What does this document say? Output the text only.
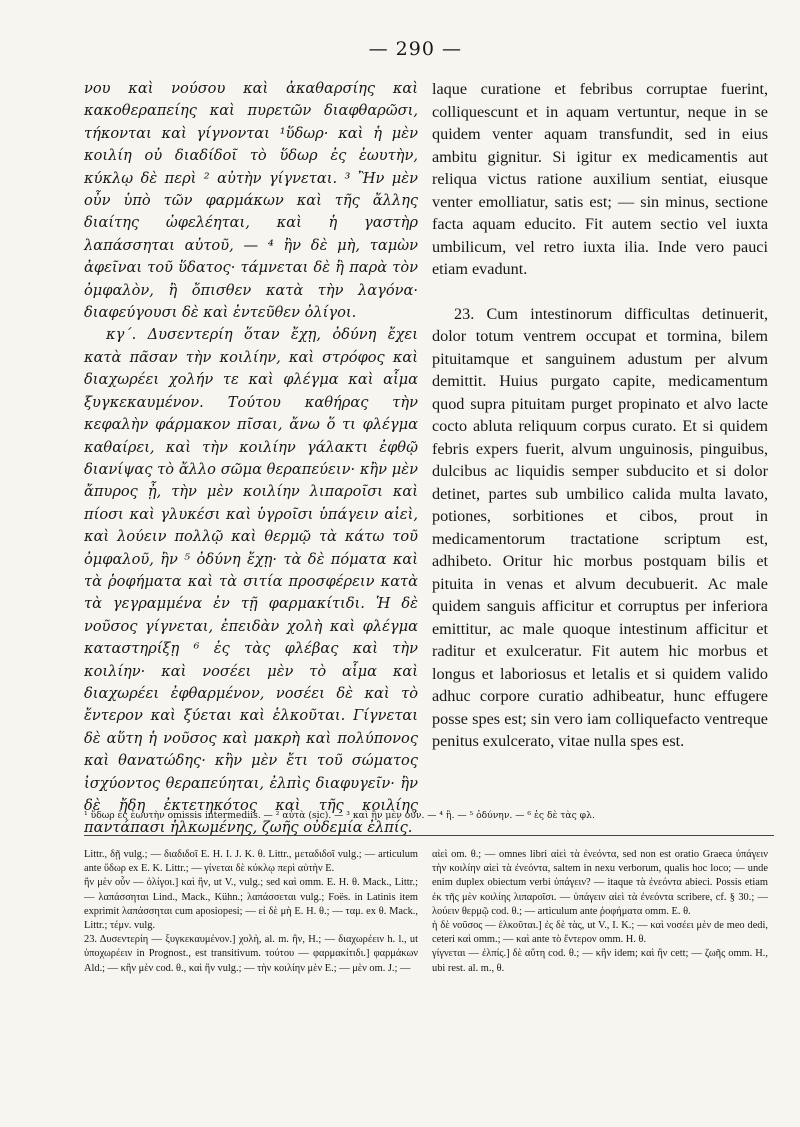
— 290 —

νου καὶ νούσου καὶ ἀκαθαρσίης καὶ κακοθεραπείης καὶ πυρετῶν διαφθαρῶσι, τήκονται καὶ γίγνονται ¹ὕδωρ· καὶ ἡ μὲν κοιλίη οὐ διαδίδοῖ τὸ ὕδωρ ἐς ἑωυτὴν, κύκλῳ δὲ περὶ ² αὐτὴν γίγνεται. ³ Ἢν μὲν οὖν ὑπὸ τῶν φαρμάκων καὶ τῆς ἄλλης διαίτης ὠφελέηται, καὶ ἡ γαστὴρ λαπάσσηται αὐτοῦ, — ⁴ ἢν δὲ μὴ, ταμὼν ἀφεῖναι τοῦ ὕδατος· τάμνεται δὲ ἢ παρὰ τὸν ὀμφαλὸν, ἢ ὄπισθεν κατὰ τὴν λαγόνα· διαφεύγουσι δὲ καὶ ἐντεῦθεν ὀλίγοι.

κγ΄. Δυσεντερίη ὅταν ἔχῃ, ὀδύνη ἔχει κατὰ πᾶσαν τὴν κοιλίην, καὶ στρόφος καὶ διαχωρέει χολήν τε καὶ φλέγμα καὶ αἷμα ξυγκεκαυμένον. Τούτου καθήρας τὴν κεφαλὴν φάρμακον πῖσαι, ἄνω ὅ τι φλέγμα καθαίρει, καὶ τὴν κοιλίην γάλακτι ἐφθῷ διανίψας τὸ ἄλλο σῶμα θεραπεύειν· κἢν μὲν ἄπυρος ᾖ, τὴν μὲν κοιλίην λιπαροῖσι καὶ πίοσι καὶ γλυκέσι καὶ ὑγροῖσι ὑπάγειν αἰεὶ, καὶ λούειν πολλῷ καὶ θερμῷ τὰ κάτω τοῦ ὀμφαλοῦ, ἢν ⁵ ὀδύνη ἔχῃ· τὰ δὲ πόματα καὶ τὰ ῥοφήματα καὶ τὰ σιτία προσφέρειν κατὰ τὰ γεγραμμένα ἐν τῇ φαρμακίτιδι. Ἡ δὲ νοῦσος γίγνεται, ἐπειδὰν χολὴ καὶ φλέγμα καταστηρίξῃ ⁶ ἐς τὰς φλέβας καὶ τὴν κοιλίην· καὶ νοσέει μὲν τὸ αἷμα καὶ διαχωρέει ἐφθαρμένον, νοσέει δὲ καὶ τὸ ἔντερον καὶ ξύεται καὶ ἑλκοῦται. Γίγνεται δὲ αὕτη ἡ νοῦσος καὶ μακρὴ καὶ πολύπονος καὶ θανατώδης· κἢν μὲν ἔτι τοῦ σώματος ἰσχύοντος θεραπεύηται, ἐλπὶς διαφυγεῖν· ἢν δὲ ἤδη ἐκτετηκότος καὶ τῆς κοιλίης παντάπασι ἡλκωμένης, ζωῆς οὐδεμία ἐλπίς.

laque curatione et febribus corruptae fuerint, colliquescunt et in aquam vertuntur, neque in se quidem venter aquam transfundit, sed in eius ambitu gignitur. Si igitur ex medicamentis aut reliqua victus ratione auxilium sentiat, eiusque venter emolliatur, satis est; — sin minus, sectione facta aquam educito. Fit autem sectio vel iuxta umbilicum, vel retro iuxta ilia. Inde vero pauci etiam evadunt.

23. Cum intestinorum difficultas detinuerit, dolor totum ventrem occupat et tormina, bilem pituitamque et sanguinem adustum per alvum demittit. Huius purgato capite, medicamentum quod supra pituitam purget propinato et alvo lacte cocto abluta reliquum corpus curato. Et si quidem febris expers fuerit, alvum unguinosis, pinguibus, dulcibus ac liquidis semper subducito et si dolor detinet, partes sub umbilico calida multa lavato, potiones, sorbitiones et cibos, prout in medicamentorum tractatione scriptum est, adhibeto. Oritur hic morbus postquam bilis et pituita in venas et alvum decubuerit. Ac male quidem sanguis afficitur et corruptus per inferiora emittitur, ac male quoque intestinum afficitur et raditur et exulceratur. Fit autem hic morbus et longus et laboriosus et letalis et si quidem valido adhuc corpore curatio adhibeatur, hunc effugere posse spes est; sin vero iam colliquefacto ventreque penitus exulcerato, vitae nulla spes est.

¹ ὕδωρ ἐς ἑωυτὴν omissis intermediis. — ² αὐτὰ (sic). — ³ καὶ ἢν μὲν οὖν. — ⁴ ἢ. — ⁵ ὀδύνην. — ⁶ ἐς δὲ τὰς φλ.

Littr., δῇ vulg.; — διαδιδοῖ E. H. I. J. K. θ. Littr., μεταδιδοῖ vulg.; — articulum ante ὕδωρ ex E. K. Littr.; — γίνεται δὲ κύκλῳ περὶ αὐτὴν E.

ἢν μὲν οὖν — ὀλίγοι.] καὶ ἢν, ut V., vulg.; sed καὶ omm. E. H. θ. Mack., Littr.; — λαπάσσηται Lind., Mack., Kühn.; λαπάσσεται vulg.; Foës. in Latinis item exprimit λαπάσσηται cum aposiopesi; — εἰ δὲ μὴ E. H. θ.; — ταμ. ex θ. Mack., Littr.; τέμν. vulg.

23. Δυσεντερίη — ξυγκεκαυμένον.] χολὴ, al. m. ἢν, H.; — διαχωρέειν h. l., ut ὑποχωρέειν in Prognost., est transitivum. τούτου — φαρμακίτιδι.] φαρμάκων Ald.; — κἢν μὲν cod. θ., καὶ ἢν vulg.; — τὴν κοιλίην μὲν E.; — μὲν om. J.; —

αἰεὶ om. θ.; — omnes libri αἰεὶ τὰ ἐνεόντα, sed non est oratio Graeca ὑπάγειν τὴν κοιλίην αἰεὶ τὰ ἐνεόντα, saltem in nexu verborum, qualis hoc loco; — unde enim duplex obiectum verbi ὑπάγειν? — itaque τὰ ἐνεόντα abieci. Possis etiam ἐκ τῆς μὲν κοιλίης λιπαροῖσι. — ὑπάγειν αἰεὶ τὰ ἐνεόντα scribere, cf. § 30.; — λούειν θερμῷ cod. θ.; — articulum ante ῥοφήματα omm. E. θ.

ἡ δὲ νοῦσος — ἑλκοῦται.] ἐς δὲ τὰς, ut V., I. K.; — καὶ νοσέει μὲν de meo dedi, ceteri καὶ omm.; — καὶ ante τὸ ἔντερον omm. H. θ.

γίγνεται — ἐλπίς.] δὲ αὕτη cod. θ.; — κἢν idem; καὶ ἢν cett; — ζωῆς omm. H., ubi rest. al. m., θ.
